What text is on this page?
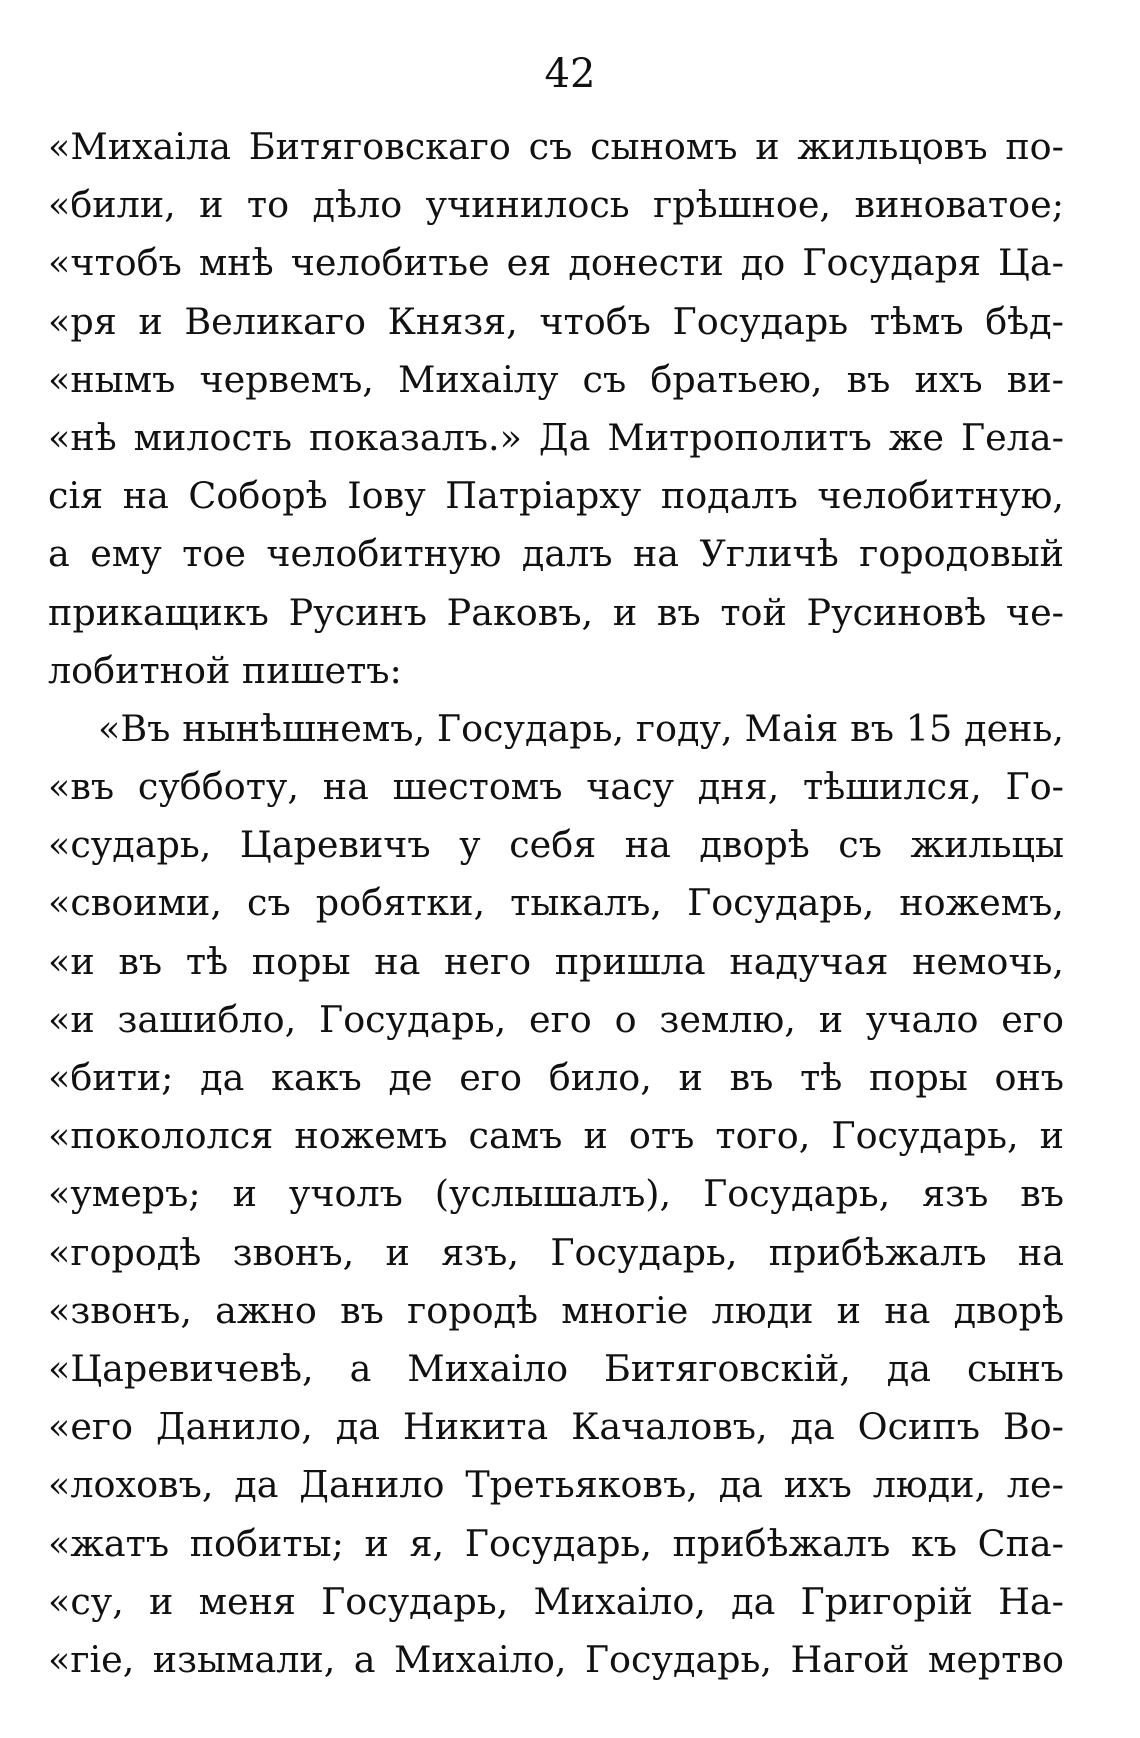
42
«Михаiла Битяговскаго съ сыномъ и жильцовъ по-
«били, и то дѣло учинилось грѣшное, виноватое;
«чтобъ мнѣ челобитье ея донести до Государя Ца-
«ря и Великаго Князя, чтобъ Государь тѣмъ бѣд-
«нымъ червемъ, Михаiлу съ братьею, въ ихъ ви-
«нѣ милость показалъ.» Да Митрополитъ же Гела-
сiя на Соборѣ Iову Патрiарху подалъ челобитную,
а ему тое челобитную далъ на Угличѣ городовый
прикащикъ Русинъ Раковъ, и въ той Русиновѣ че-
лобитной пишетъ:
«Въ нынѣшнемъ, Государь, году, Маiя въ 15 день,
«въ субботу, на шестомъ часу дня, тѣшился, Го-
«сударь, Царевичъ у себя на дворѣ съ жильцы
«своими, съ робятки, тыкалъ, Государь, ножемъ,
«и въ тѣ поры на него пришла надучая немочь,
«и зашибло, Государь, его о землю, и учало его
«бити; да какъ де его било, и въ тѣ поры онъ
«покололся ножемъ самъ и отъ того, Государь, и
«умеръ; и учолъ (услышалъ), Государь, язъ въ
«городѣ звонъ, и язъ, Государь, прибѣжалъ на
«звонъ, ажно въ городѣ многiе люди и на дворѣ
«Царевичевѣ, а Михаiло Битяговскiй, да сынъ
«его Данило, да Никита Качаловъ, да Осипъ Во-
«лоховъ, да Данило Третьяковъ, да ихъ люди, ле-
«жатъ побиты; и я, Государь, прибѣжалъ къ Спа-
«су, и меня Государь, Михаiло, да Григорiй На-
«гiе, изымали, а Михаiло, Государь, Нагой мертво
